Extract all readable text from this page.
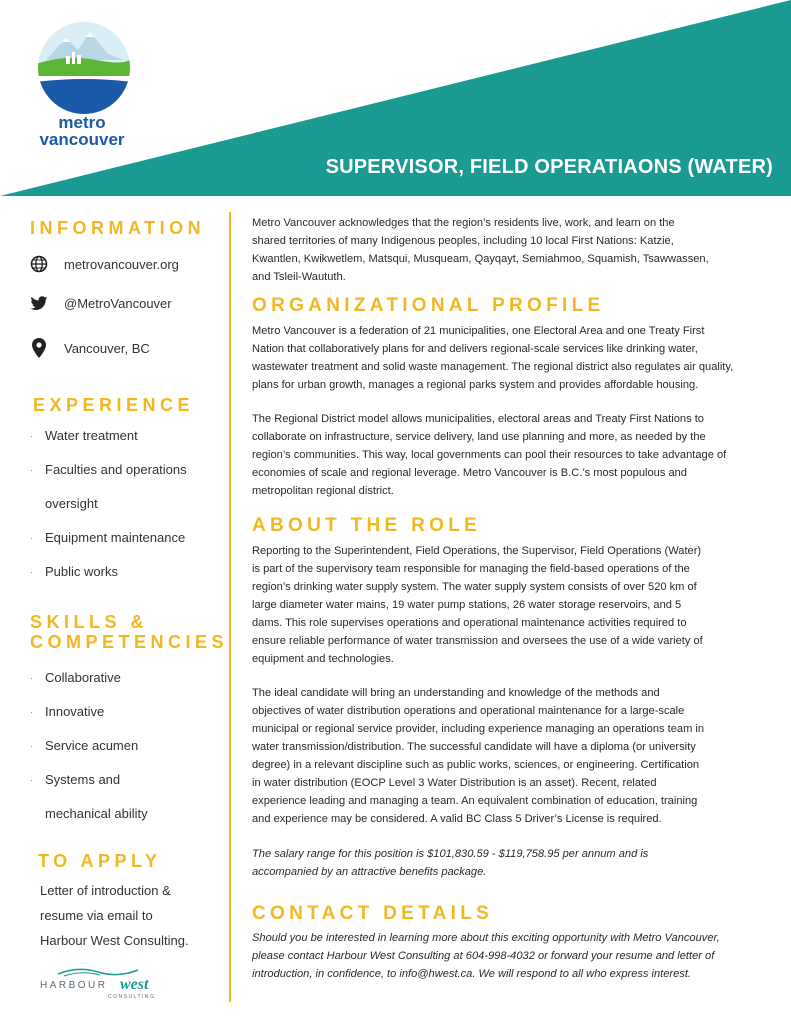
SUPERVISOR, FIELD OPERATIAONS (WATER)
metro
vancouver
INFORMATION
metrovancouver.org
@MetroVancouver
Vancouver, BC
EXPERIENCE
· Water treatment
· Faculties and operations
oversight
· Equipment maintenance
· Public works
SKILLS &
COMPETENCIES
· Collaborative
· Innovative
· Service acumen
· Systems and
mechanical ability
TO APPLY
Letter of introduction &
resume via email to
Harbour West Consulting.
HARBOUR west
CONSULTING
Metro Vancouver acknowledges that the region’s residents live, work, and learn on the
shared territories of many Indigenous peoples, including 10 local First Nations: Katzie,
Kwantlen, Kwikwetlem, Matsqui, Musqueam, Qayqayt, Semiahmoo, Squamish, Tsawwassen,
and Tsleil-Waututh.
ORGANIZATIONAL PROFILE
Metro Vancouver is a federation of 21 municipalities, one Electoral Area and one Treaty First
Nation that collaboratively plans for and delivers regional-scale services like drinking water,
wastewater treatment and solid waste management. The regional district also regulates air quality,
plans for urban growth, manages a regional parks system and provides affordable housing.
The Regional District model allows municipalities, electoral areas and Treaty First Nations to
collaborate on infrastructure, service delivery, land use planning and more, as needed by the
region’s communities. This way, local governments can pool their resources to take advantage of
economies of scale and regional leverage. Metro Vancouver is B.C.’s most populous and
metropolitan regional district.
ABOUT THE ROLE
Reporting to the Superintendent, Field Operations, the Supervisor, Field Operations (Water)
is part of the supervisory team responsible for managing the field-based operations of the
region’s drinking water supply system. The water supply system consists of over 520 km of
large diameter water mains, 19 water pump stations, 26 water storage reservoirs, and 5
dams. This role supervises operations and operational maintenance activities required to
ensure reliable performance of water transmission and oversees the use of a wide variety of
equipment and technologies.
The ideal candidate will bring an understanding and knowledge of the methods and
objectives of water distribution operations and operational maintenance for a large-scale
municipal or regional service provider, including experience managing an operations team in
water transmission/distribution. The successful candidate will have a diploma (or university
degree) in a relevant discipline such as public works, sciences, or engineering. Certification
in water distribution (EOCP Level 3 Water Distribution is an asset). Recent, related
experience leading and managing a team. An equivalent combination of education, training
and experience may be considered. A valid BC Class 5 Driver’s License is required.
The salary range for this position is $101,830.59 - $119,758.95 per annum and is
accompanied by an attractive benefits package.
CONTACT DETAILS
Should you be interested in learning more about this exciting opportunity with Metro Vancouver,
please contact Harbour West Consulting at 604-998-4032 or forward your resume and letter of
introduction, in confidence, to info@hwest.ca. We will respond to all who express interest.
